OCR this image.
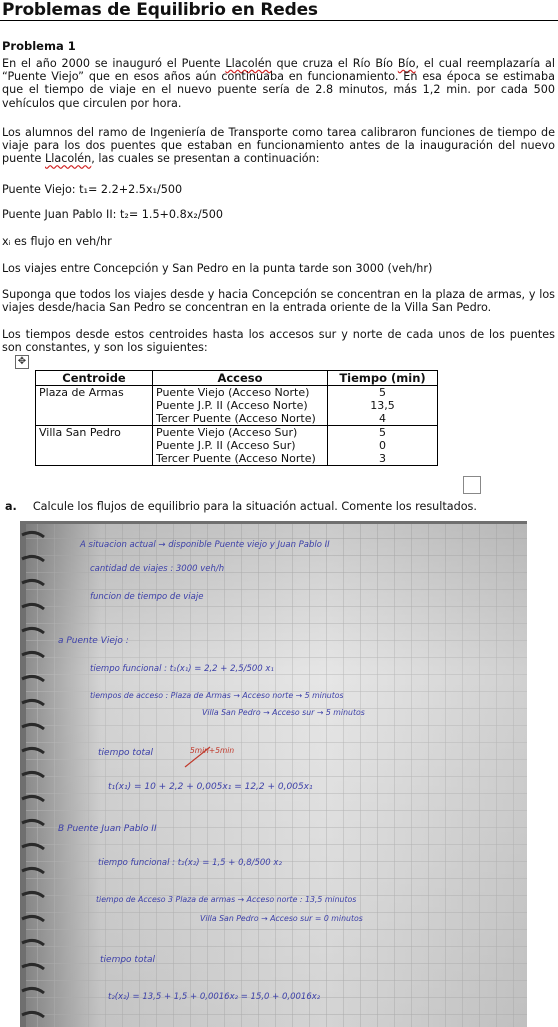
Problemas de Equilibrio en Redes

Problema 1

En el año 2000 se inauguró el Puente Llacolén que cruza el Río Bío Bío, el cual reemplazaría al “Puente Viejo” que en esos años aún continuaba en funcionamiento. En esa época se estimaba que el tiempo de viaje en el nuevo puente sería de 2.8 minutos, más 1,2 min. por cada 500 vehículos que circulen por hora.

Los alumnos del ramo de Ingeniería de Transporte como tarea calibraron funciones de tiempo de viaje para los dos puentes que estaban en funcionamiento antes de la inauguración del nuevo puente Llacolén, las cuales se presentan a continuación:

Puente Viejo: t₁= 2.2+2.5x₁/500

Puente Juan Pablo II: t₂= 1.5+0.8x₂/500

xᵢ es flujo en veh/hr

Los viajes entre Concepción y San Pedro en la punta tarde son 3000 (veh/hr)

Suponga que todos los viajes desde y hacia Concepción se concentran en la plaza de armas, y los viajes desde/hacia San Pedro se concentran en la entrada oriente de la Villa San Pedro.

Los tiempos desde estos centroides hasta los accesos sur y norte de cada unos de los puentes son constantes, y son los siguientes:

✥
Centroide	Acceso	Tiempo (min)
Plaza de Armas	Puente Viejo (Acceso Norte)	5
	Puente J.P. II (Acceso Norte)	13,5
	Tercer Puente (Acceso Norte)	4
Villa San Pedro	Puente Viejo (Acceso Sur)	5
	Puente J.P. II (Acceso Sur)	0
	Tercer Puente (Acceso Norte)	3
a. Calcule los flujos de equilibrio para la situación actual. Comente los resultados.
A situacion actual → disponible Puente viejo y Juan Pablo II
cantidad de viajes : 3000 veh/h
funcion de tiempo de viaje
a Puente Viejo :
tiempo funcional : t₁(x₁) = 2,2 + 2,5/500 x₁
tiempos de acceso : Plaza de Armas → Acceso norte → 5 minutos
Villa San Pedro → Acceso sur → 5 minutos
tiempo total	5min+5min
t₁(x₁) = 10 + 2,2 + 0,005x₁ = 12,2 + 0,005x₁
B Puente Juan Pablo II
tiempo funcional : t₂(x₂) = 1,5 + 0,8/500 x₂
tiempo de Acceso 3 Plaza de armas → Acceso norte : 13,5 minutos
Villa San Pedro → Acceso sur = 0 minutos
tiempo total
t₂(x₂) = 13,5 + 1,5 + 0,0016x₂ = 15,0 + 0,0016x₂
